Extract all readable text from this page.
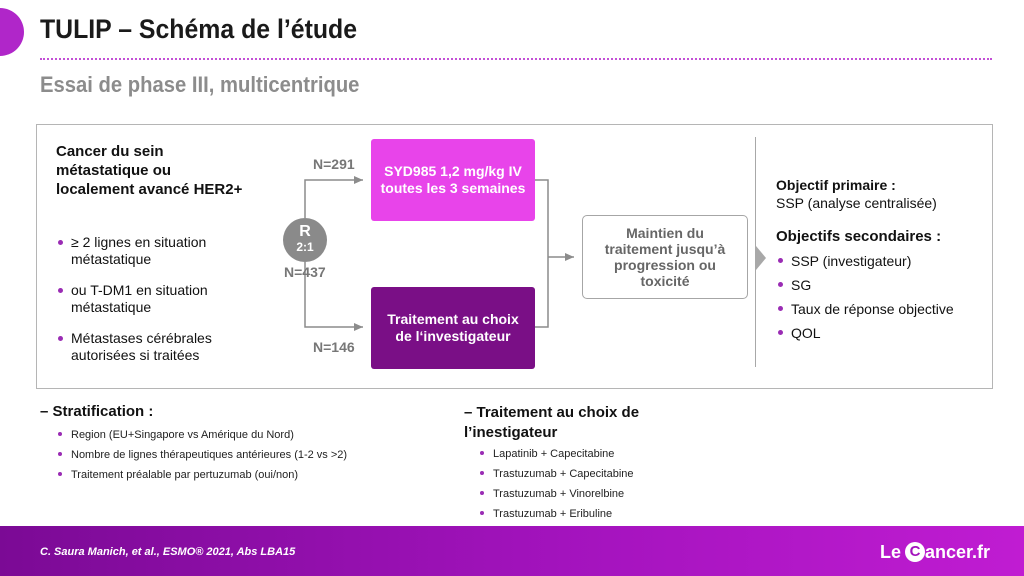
TULIP – Schéma de l’étude
Essai de phase III, multicentrique
Cancer du sein métastatique ou localement avancé HER2+
≥ 2 lignes en situation métastatique
ou T-DM1 en situation métastatique
Métastases cérébrales autorisées si traitées
N=291
R
2:1
N=437
N=146
SYD985 1,2 mg/kg IV toutes les 3 semaines
Traitement au choix de l‘investigateur
Maintien du traitement jusqu’à progression ou toxicité
Objectif primaire :
SSP (analyse centralisée)
Objectifs secondaires :
SSP (investigateur)
SG
Taux de réponse objective
QOL
– Stratification :
Region (EU+Singapore vs Amérique du Nord)
Nombre de lignes thérapeutiques antérieures (1-2 vs >2)
Traitement préalable par pertuzumab (oui/non)
– Traitement au choix de l’inestigateur
Lapatinib + Capecitabine
Trastuzumab + Capecitabine
Trastuzumab + Vinorelbine
Trastuzumab + Eribuline
C. Saura Manich, et al., ESMO® 2021, Abs LBA15	Le C ancer.fr
